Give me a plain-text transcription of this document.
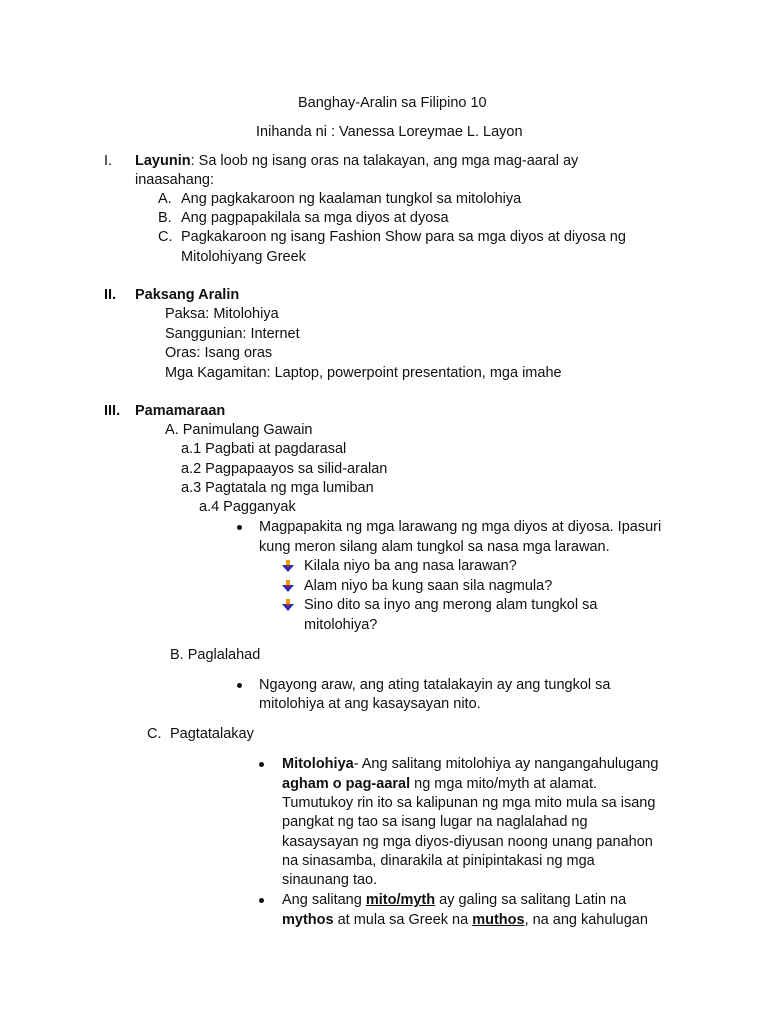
Banghay-Aralin sa Filipino 10
Inihanda ni : Vanessa Loreymae L. Layon
I. Layunin: Sa loob ng isang oras na talakayan, ang mga mag-aaral ay
inaasahang:
A. Ang pagkakaroon ng kaalaman tungkol sa mitolohiya
B. Ang pagpapakilala sa mga diyos at dyosa
C. Pagkakaroon ng isang Fashion Show para sa mga diyos at diyosa ng
Mitolohiyang Greek
II. Paksang Aralin
Paksa: Mitolohiya
Sanggunian: Internet
Oras: Isang oras
Mga Kagamitan: Laptop, powerpoint presentation, mga imahe
III. Pamamaraan
A. Panimulang Gawain
a.1 Pagbati at pagdarasal
a.2 Pagpapaayos sa silid-aralan
a.3 Pagtatala ng mga lumiban
a.4 Pagganyak
Magpapakita ng mga larawang ng mga diyos at diyosa. Ipasuri
kung meron silang alam tungkol sa nasa mga larawan.
Kilala niyo ba ang nasa larawan?
Alam niyo ba kung saan sila nagmula?
Sino dito sa inyo ang merong alam tungkol sa
mitolohiya?
B. Paglalahad
Ngayong araw, ang ating tatalakayin ay ang tungkol sa
mitolohiya at ang kasaysayan nito.
C. Pagtatalakay
Mitolohiya- Ang salitang mitolohiya ay nangangahulugang
agham o pag-aaral ng mga mito/myth at alamat.
Tumutukoy rin ito sa kalipunan ng mga mito mula sa isang
pangkat ng tao sa isang lugar na naglalahad ng
kasaysayan ng mga diyos-diyusan noong unang panahon
na sinasamba, dinarakila at pinipintakasi ng mga
sinaunang tao.
Ang salitang mito/myth ay galing sa salitang Latin na
mythos at mula sa Greek na muthos, na ang kahulugan
